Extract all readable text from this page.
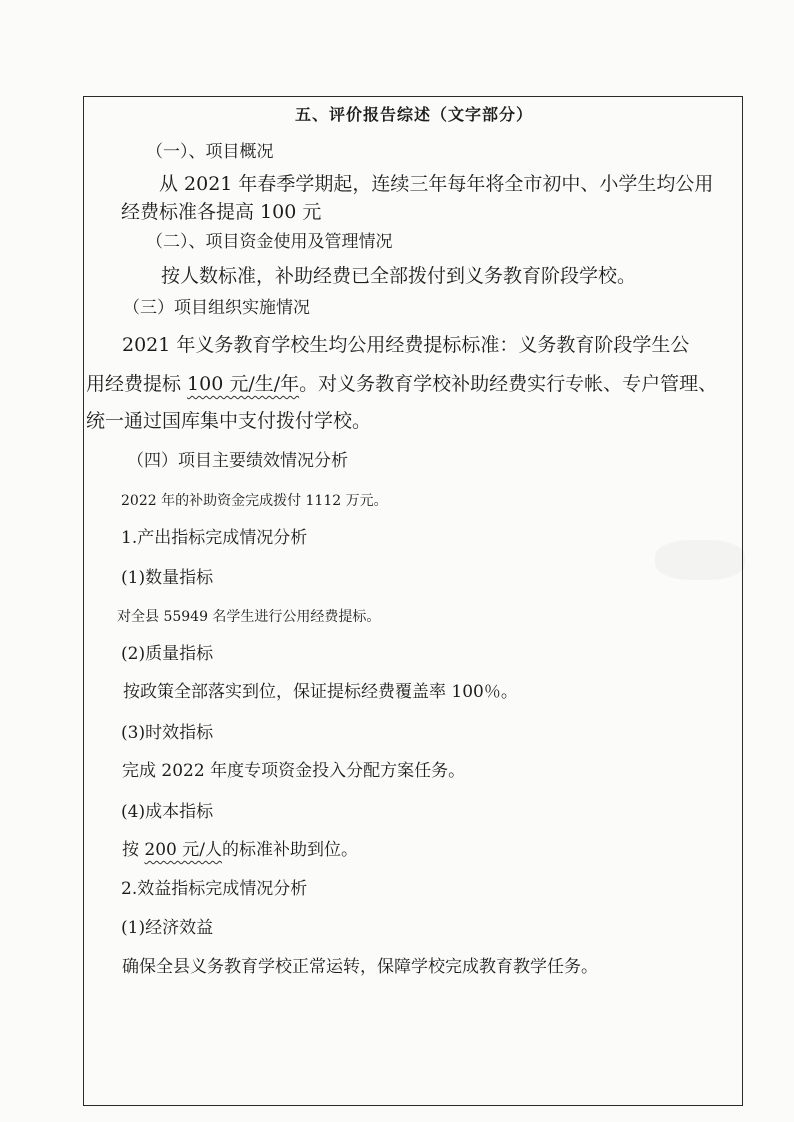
五、评价报告综述（文字部分）
（一）、项目概况
从 2021 年春季学期起，连续三年每年将全市初中、小学生均公用
经费标准各提高 100 元
（二）、项目资金使用及管理情况
按人数标准，补助经费已全部拨付到义务教育阶段学校。
（三）项目组织实施情况
2021 年义务教育学校生均公用经费提标标准：义务教育阶段学生公
用经费提标 100 元/生/年。对义务教育学校补助经费实行专帐、专户管理、
统一通过国库集中支付拨付学校。
（四）项目主要绩效情况分析
2022 年的补助资金完成拨付 1112 万元。
1.产出指标完成情况分析
(1)数量指标
对全县 55949 名学生进行公用经费提标。
(2)质量指标
按政策全部落实到位，保证提标经费覆盖率 100％。
(3)时效指标
完成 2022 年度专项资金投入分配方案任务。
(4)成本指标
按 200 元/人的标准补助到位。
2.效益指标完成情况分析
(1)经济效益
确保全县义务教育学校正常运转，保障学校完成教育教学任务。
